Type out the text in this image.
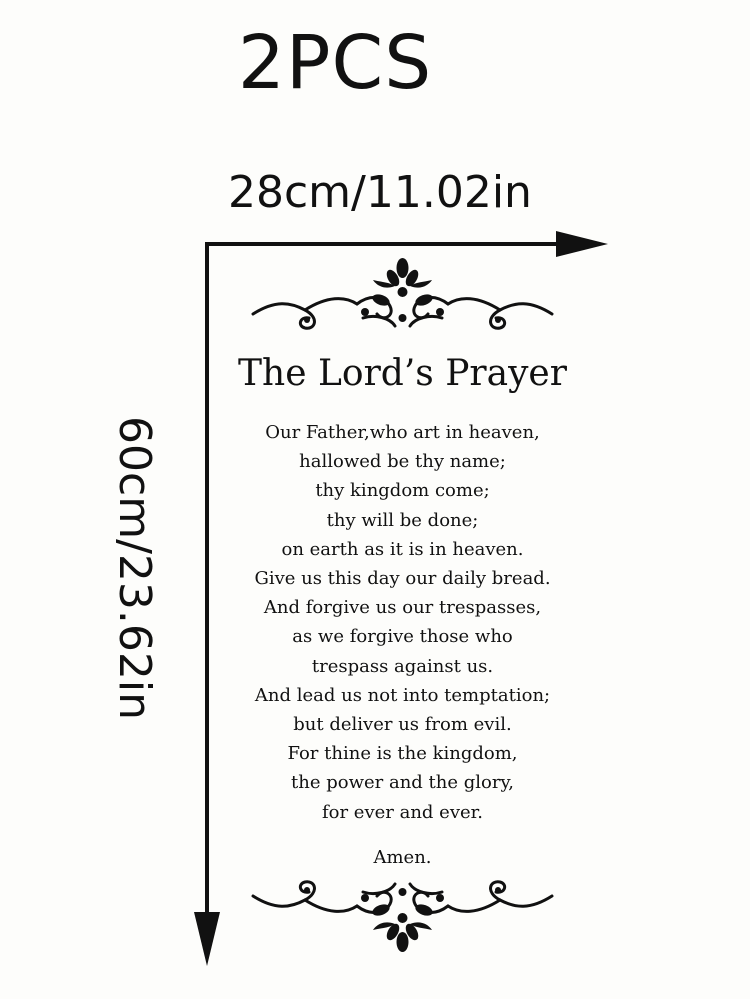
2PCS
28cm/11.02in
60cm/23.62in
The Lord’s Prayer
Our Father,who art in heaven,
hallowed be thy name;
thy kingdom come;
thy will be done;
on earth as it is in heaven.
Give us this day our daily bread.
And forgive us our trespasses,
as we forgive those who
trespass against us.
And lead us not into temptation;
but deliver us from evil.
For thine is the kingdom,
the power and the glory,
for ever and ever.
Amen.
